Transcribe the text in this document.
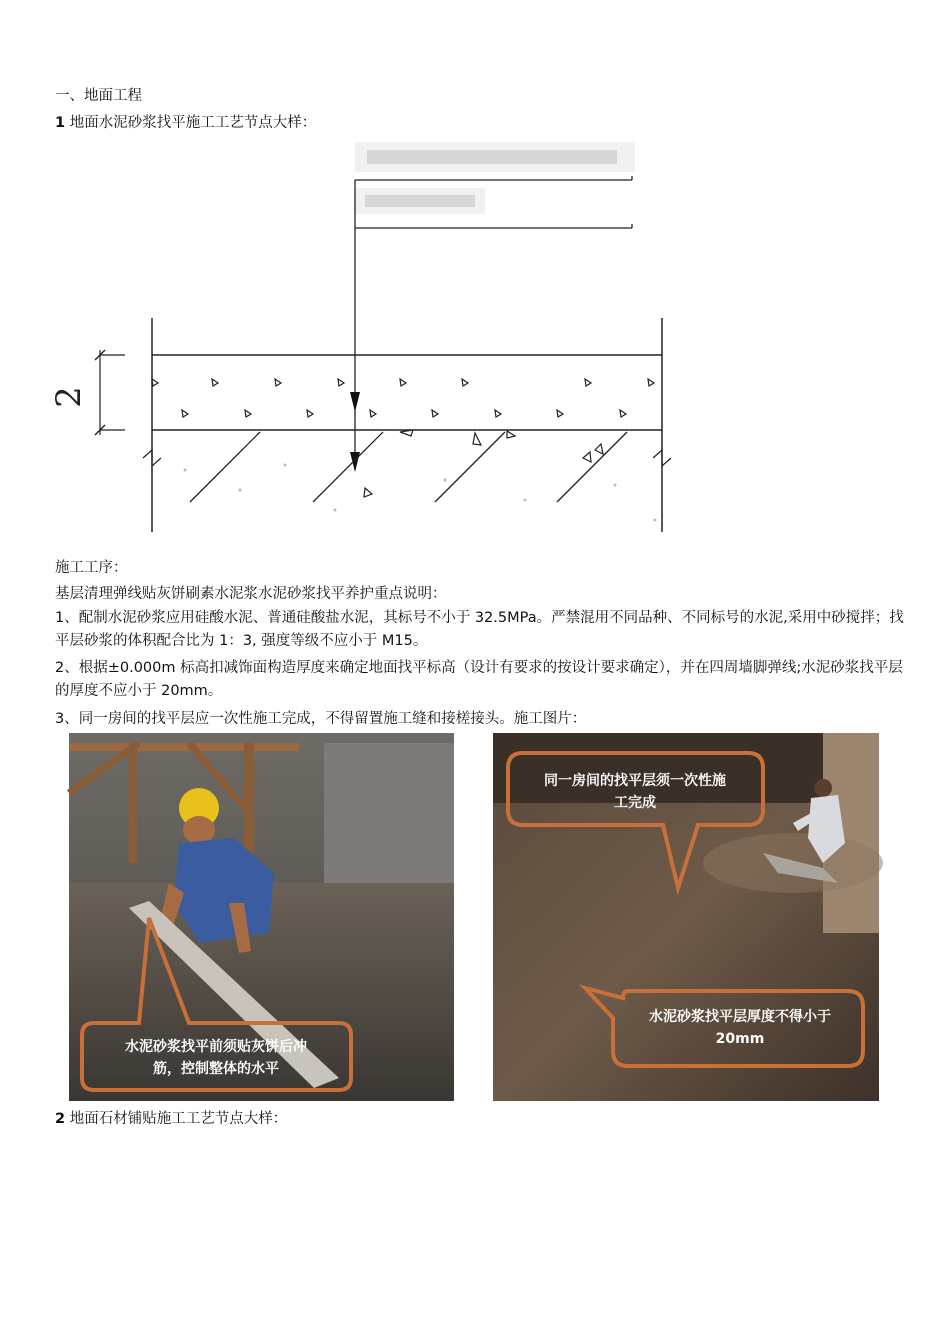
一、地面工程
1 地面水泥砂浆找平施工工艺节点大样：
2
施工工序：
基层清理弹线贴灰饼刷素水泥浆水泥砂浆找平养护重点说明：
1、配制水泥砂浆应用硅酸水泥、普通硅酸盐水泥，其标号不小于 32.5MPa。严禁混用不同品种、不同标号的水泥,采用中砂搅拌；找平层砂浆的体积配合比为 1：3, 强度等级不应小于 M15。
2、根据±0.000m 标高扣减饰面构造厚度来确定地面找平标高（设计有要求的按设计要求确定），并在四周墙脚弹线;水泥砂浆找平层的厚度不应小于 20mm。
3、同一房间的找平层应一次性施工完成，不得留置施工缝和接槎接头。施工图片：
水泥砂浆找平前须贴灰饼后冲
筋，控制整体的水平
同一房间的找平层须一次性施
工完成
水泥砂浆找平层厚度不得小于
20mm
2 地面石材铺贴施工工艺节点大样：
